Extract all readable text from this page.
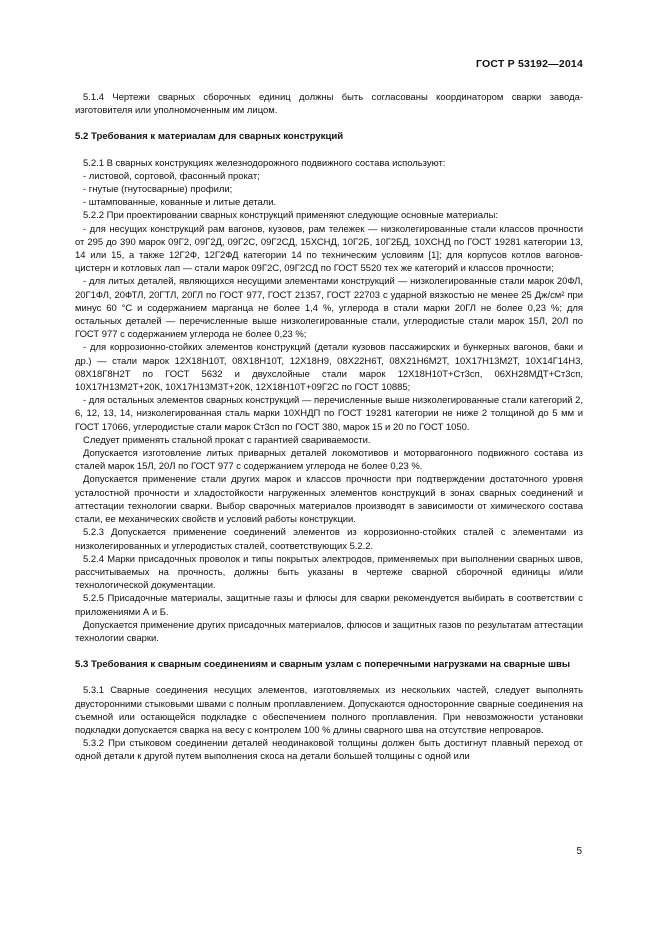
ГОСТ Р 53192—2014

5.1.4 Чертежи сварных сборочных единиц должны быть согласованы координатором сварки завода-изготовителя или уполномоченным им лицом.

5.2 Требования к материалам для сварных конструкций

5.2.1 В сварных конструкциях железнодорожного подвижного состава используют:

- листовой, сортовой, фасонный прокат;

- гнутые (гнутосварные) профили;

- штампованные, кованные и литые детали.

5.2.2 При проектировании сварных конструкций применяют следующие основные материалы:

- для несущих конструкций рам вагонов, кузовов, рам тележек — низколегированные стали классов прочности от 295 до 390 марок 09Г2, 09Г2Д, 09Г2С, 09Г2СД, 15ХСНД, 10Г2Б, 10Г2БД, 10ХСНД по ГОСТ 19281 категории 13, 14 или 15, а также 12Г2Ф, 12Г2ФД категории 14 по техническим условиям [1]; для корпусов котлов вагонов-цистерн и котловых лап — стали марок 09Г2С, 09Г2СД по ГОСТ 5520 тех же категорий и классов прочности;

- для литых деталей, являющихся несущими элементами конструкций — низколегированные стали марок 20ФЛ, 20Г1ФЛ, 20ФТЛ, 20ГТЛ, 20ГЛ по ГОСТ 977, ГОСТ 21357, ГОСТ 22703 с ударной вязкостью не менее 25 Дж/см² при минус 60 °С и содержанием марганца не более 1,4 %, углерода в стали марки 20ГЛ не более 0,23 %; для остальных деталей — перечисленные выше низколегированные стали, углеродистые стали марок 15Л, 20Л по ГОСТ 977 с содержанием углерода не более 0,23 %;

- для коррозионно-стойких элементов конструкций (детали кузовов пассажирских и бункерных вагонов, баки и др.) — стали марок 12Х18Н10Т, 08Х18Н10Т, 12Х18Н9, 08Х22Н6Т, 08Х21Н6М2Т, 10Х17Н13М2Т, 10Х14Г14Н3, 08Х18Г8Н2Т по ГОСТ 5632 и двухслойные стали марок 12Х18Н10Т+Ст3сп, 06ХН28МДТ+Ст3сп, 10Х17Н13М2Т+20К, 10Х17Н13М3Т+20К, 12Х18Н10Т+09Г2С по ГОСТ 10885;

- для остальных элементов сварных конструкций — перечисленные выше низколегированные стали категорий 2, 6, 12, 13, 14, низколегированная сталь марки 10ХНДП по ГОСТ 19281 категории не ниже 2 толщиной до 5 мм и ГОСТ 17066, углеродистые стали марок Ст3сп по ГОСТ 380, марок 15 и 20 по ГОСТ 1050.

Следует применять стальной прокат с гарантией свариваемости.

Допускается изготовление литых приварных деталей локомотивов и моторвагонного подвижного состава из сталей марок 15Л, 20Л по ГОСТ 977 с содержанием углерода не более 0,23 %.

Допускается применение стали других марок и классов прочности при подтверждении достаточного уровня усталостной прочности и хладостойкости нагруженных элементов конструкций в зонах сварных соединений и аттестации технологии сварки. Выбор сварочных материалов производят в зависимости от химического состава стали, ее механических свойств и условий работы конструкции.

5.2.3 Допускается применение соединений элементов из коррозионно-стойких сталей с элементами из низколегированных и углеродистых сталей, соответствующих 5.2.2.

5.2.4 Марки присадочных проволок и типы покрытых электродов, применяемых при выполнении сварных швов, рассчитываемых на прочность, должны быть указаны в чертеже сварной сборочной единицы и/или технологической документации.

5.2.5 Присадочные материалы, защитные газы и флюсы для сварки рекомендуется выбирать в соответствии с приложениями А и Б.

Допускается применение других присадочных материалов, флюсов и защитных газов по результатам аттестации технологии сварки.

5.3 Требования к сварным соединениям и сварным узлам с поперечными нагрузками на сварные швы

5.3.1 Сварные соединения несущих элементов, изготовляемых из нескольких частей, следует выполнять двусторонними стыковыми швами с полным проплавлением. Допускаются односторонние сварные соединения на съемной или остающейся подкладке с обеспечением полного проплавления. При невозможности установки подкладки допускается сварка на весу с контролем 100 % длины сварного шва на отсутствие непроваров.

5.3.2 При стыковом соединении деталей неодинаковой толщины должен быть достигнут плавный переход от одной детали к другой путем выполнения скоса на детали большей толщины с одной или

5
